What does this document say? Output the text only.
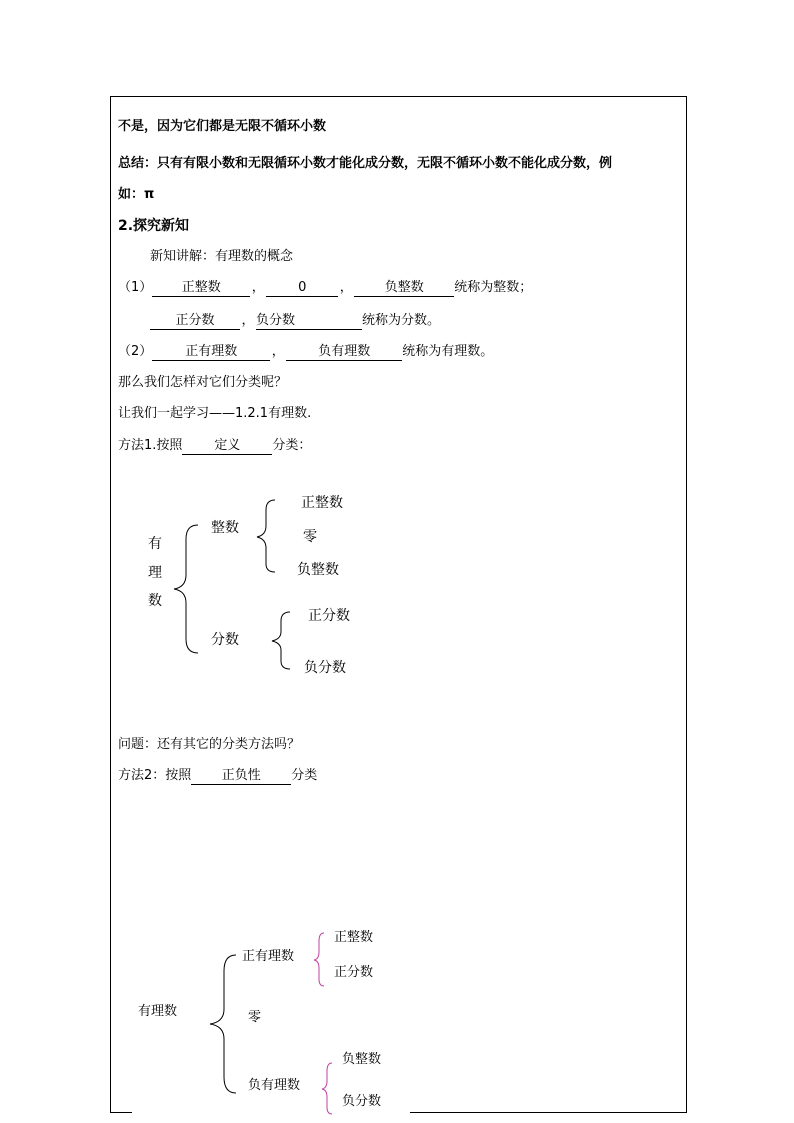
不是，因为它们都是无限不循环小数
总结：只有有限小数和无限循环小数才能化成分数，无限不循环小数不能化成分数，例
如：π
2.探究新知
新知讲解：有理数的概念
（1） 正整数 ，	0	， 负整数 统称为整数；
正分数 ， 负分数	统称为分数。
（2）	正有理数	，	负有理数 统称为有理数。
那么我们怎样对它们分类呢？
让我们一起学习——1.2.1有理数.
方法1.按照 定义 分类：
有
理
数
整数
正整数
零
负整数
分数
正分数
负分数
问题：还有其它的分类方法吗？
方法2：按照 正负性 分类
有理数
正有理数
正整数
正分数
零
负有理数
负整数
负分数
